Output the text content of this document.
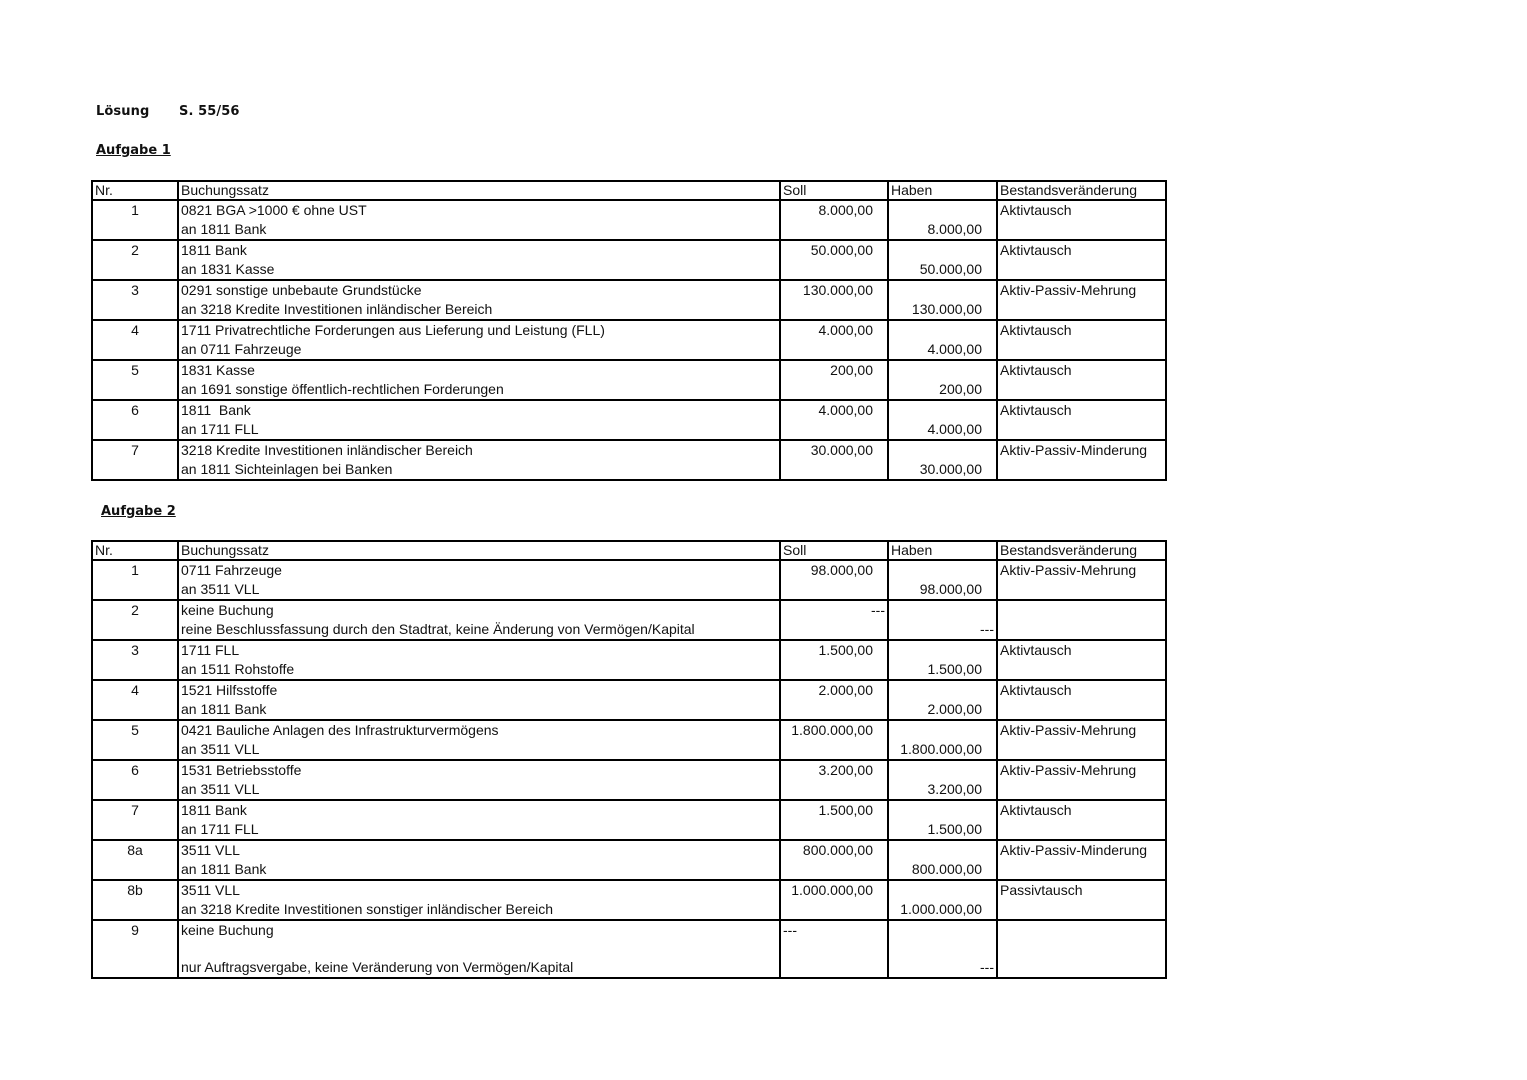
Lösung S. 55/56
Aufgabe 1
Nr.	Buchungssatz	Soll	Haben	Bestandsveränderung
1	0821 BGA >1000 € ohne UST	8.000,00		Aktivtausch
	an 1811 Bank		8.000,00	
2	1811 Bank	50.000,00		Aktivtausch
	an 1831 Kasse		50.000,00	
3	0291 sonstige unbebaute Grundstücke	130.000,00		Aktiv-Passiv-Mehrung
	an 3218 Kredite Investitionen inländischer Bereich		130.000,00	
4	1711 Privatrechtliche Forderungen aus Lieferung und Leistung (FLL)	4.000,00		Aktivtausch
	an 0711 Fahrzeuge		4.000,00	
5	1831 Kasse	200,00		Aktivtausch
	an 1691 sonstige öffentlich-rechtlichen Forderungen		200,00	
6	1811  Bank	4.000,00		Aktivtausch
	an 1711 FLL		4.000,00	
7	3218 Kredite Investitionen inländischer Bereich	30.000,00		Aktiv-Passiv-Minderung
	an 1811 Sichteinlagen bei Banken		30.000,00	
Aufgabe 2
Nr.	Buchungssatz	Soll	Haben	Bestandsveränderung
1	0711 Fahrzeuge	98.000,00		Aktiv-Passiv-Mehrung
	an 3511 VLL		98.000,00	
2	keine Buchung	---		
	reine Beschlussfassung durch den Stadtrat, keine Änderung von Vermögen/Kapital		---	
3	1711 FLL	1.500,00		Aktivtausch
	an 1511 Rohstoffe		1.500,00	
4	1521 Hilfsstoffe	2.000,00		Aktivtausch
	an 1811 Bank		2.000,00	
5	0421 Bauliche Anlagen des Infrastrukturvermögens	1.800.000,00		Aktiv-Passiv-Mehrung
	an 3511 VLL		1.800.000,00	
6	1531 Betriebsstoffe	3.200,00		Aktiv-Passiv-Mehrung
	an 3511 VLL		3.200,00	
7	1811 Bank	1.500,00		Aktivtausch
	an 1711 FLL		1.500,00	
8a	3511 VLL	800.000,00		Aktiv-Passiv-Minderung
	an 1811 Bank		800.000,00	
8b	3511 VLL	1.000.000,00		Passivtausch
	an 3218 Kredite Investitionen sonstiger inländischer Bereich		1.000.000,00	
9	keine Buchung	---		

	nur Auftragsvergabe, keine Veränderung von Vermögen/Kapital		---	
